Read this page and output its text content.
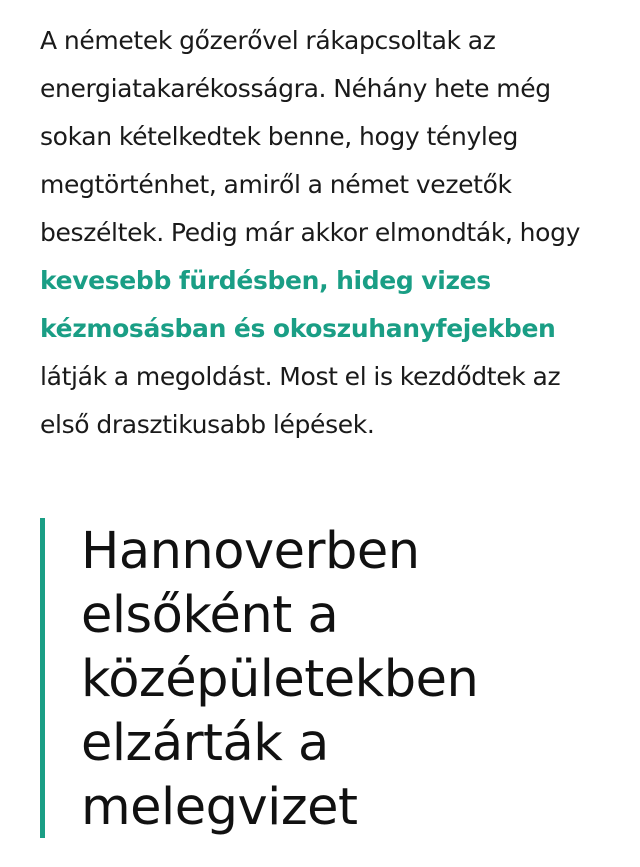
A németek gőzerővel rákapcsoltak az energiatakarékosságra. Néhány hete még sokan kételkedtek benne, hogy tényleg megtörténhet, amiről a német vezetők beszéltek. Pedig már akkor elmondták, hogy kevesebb fürdésben, hideg vizes kézmosásban és okoszuhanyfejekben látják a megoldást. Most el is kezdődtek az első drasztikusabb lépések.

Hannoverben
elsőként a
középületekben
elzárták a
melegvizet
